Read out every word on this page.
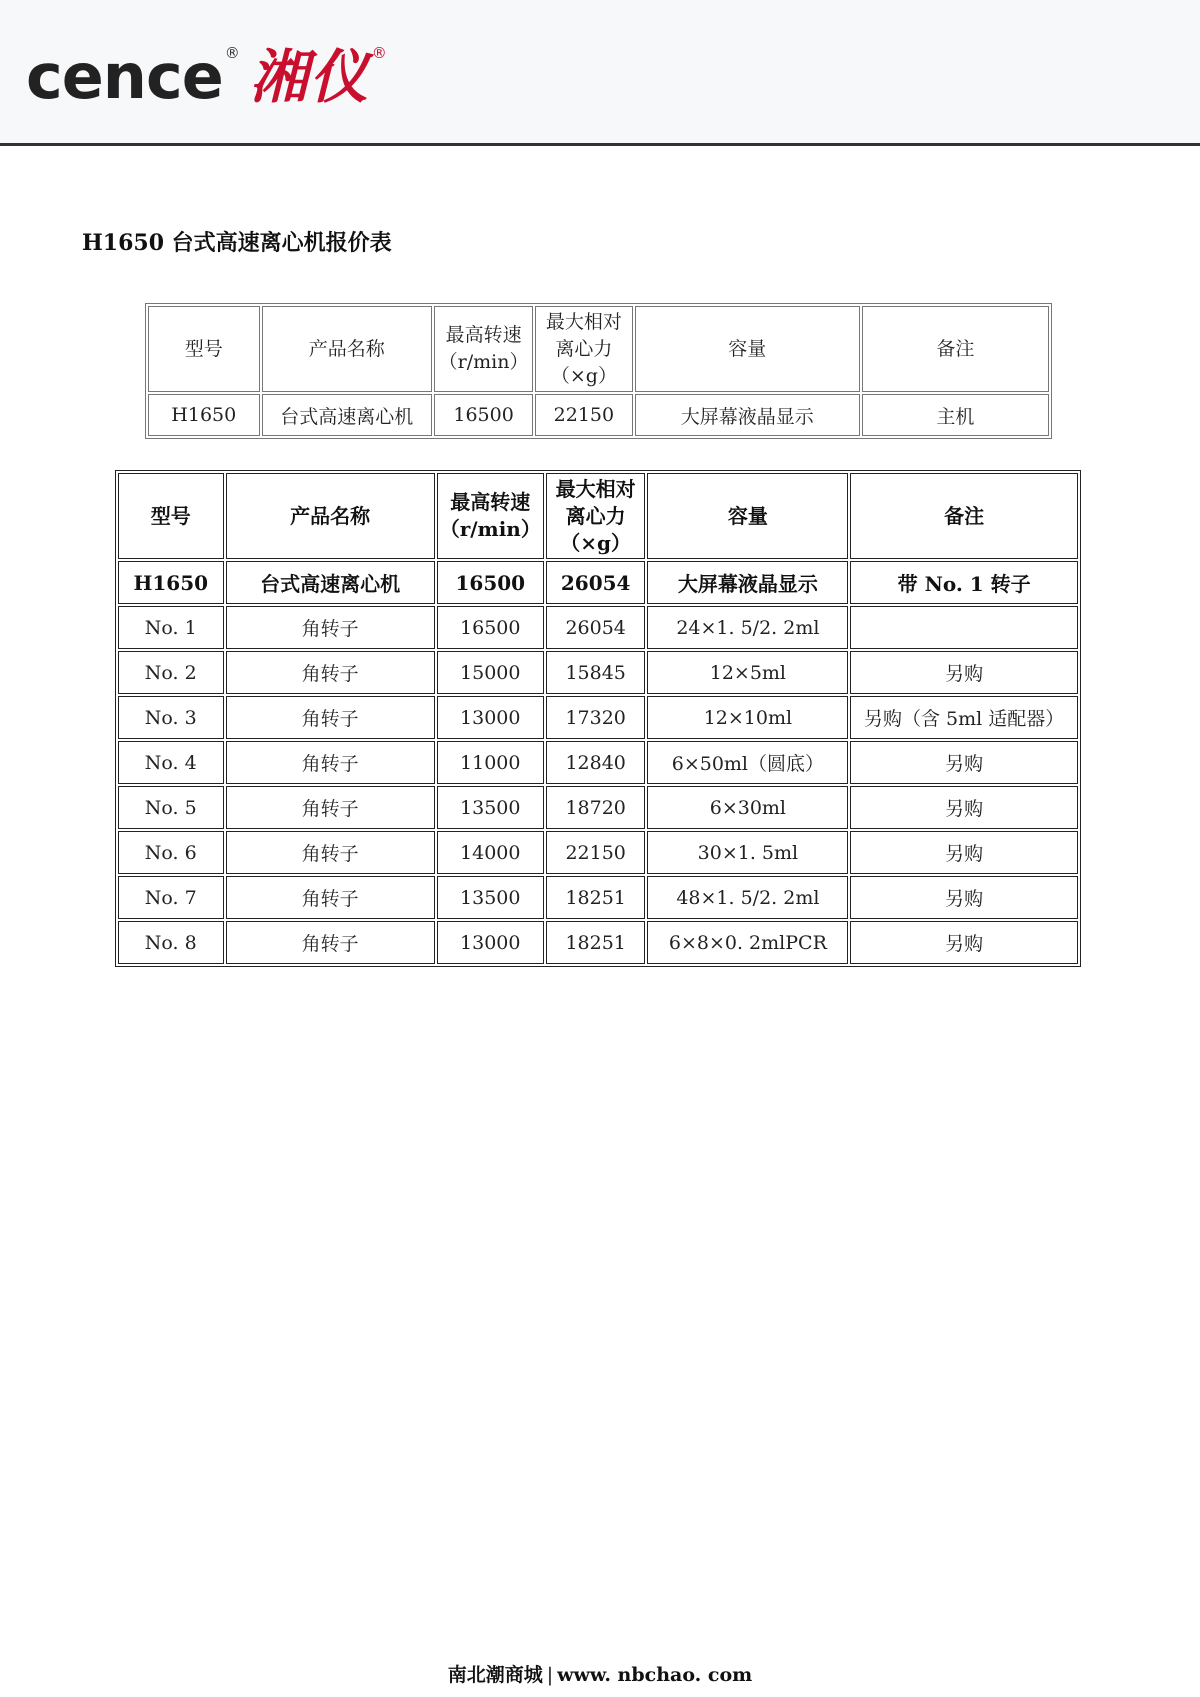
cence ® 湘仪 ®
H1650 台式高速离心机报价表
型号	产品名称	最高转速（r/min）	最大相对离心力（×g）	容量	备注
H1650	台式高速离心机	16500	22150	大屏幕液晶显示	主机
型号	产品名称	最高转速（r/min）	最大相对离心力（×g）	容量	备注
H1650	台式高速离心机	16500	26054	大屏幕液晶显示	带 No. 1 转子
No. 1	角转子	16500	26054	24×1. 5/2. 2ml	
No. 2	角转子	15000	15845	12×5ml	另购
No. 3	角转子	13000	17320	12×10ml	另购（含 5ml 适配器）
No. 4	角转子	11000	12840	6×50ml（圆底）	另购
No. 5	角转子	13500	18720	6×30ml	另购
No. 6	角转子	14000	22150	30×1. 5ml	另购
No. 7	角转子	13500	18251	48×1. 5/2. 2ml	另购
No. 8	角转子	13000	18251	6×8×0. 2mlPCR	另购
南北潮商城 | www. nbchao. com
